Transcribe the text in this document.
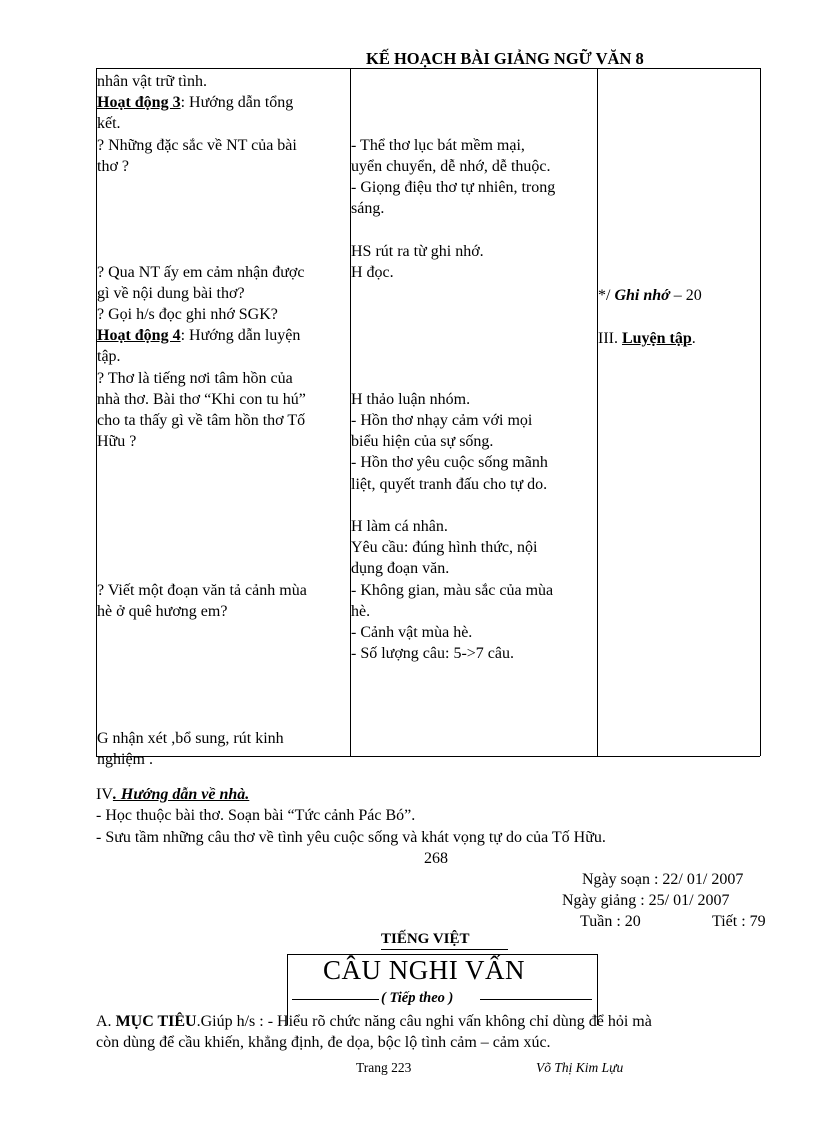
KẾ HOẠCH BÀI GIẢNG NGỮ VĂN 8
nhân vật trữ tình.
Hoạt động 3: Hướng dẫn tổng
kết.
? Những đặc sắc về NT của bài
thơ ?
? Qua NT ấy em cảm nhận được
gì về nội dung bài thơ?
? Gọi h/s đọc ghi nhớ SGK?
Hoạt động 4: Hướng dẫn luyện
tập.
? Thơ là tiếng nơi tâm hồn của
nhà thơ. Bài thơ “Khi con tu hú”
cho ta thấy gì về tâm hồn thơ Tố
Hữu ?
? Viết một đoạn văn tả cảnh mùa
hè ở quê hương em?
G nhận xét ,bổ sung, rút kinh
nghiệm .
- Thể thơ lục bát mềm mại,
uyển chuyển, dễ nhớ, dễ thuộc.
- Giọng điệu thơ tự nhiên, trong
sáng.
HS rút ra từ ghi nhớ.
H đọc.
H thảo luận nhóm.
- Hồn thơ nhạy cảm với mọi
biểu hiện của sự sống.
- Hồn thơ yêu cuộc sống mãnh
liệt, quyết tranh đấu cho tự do.
H làm cá nhân.
Yêu cầu: đúng hình thức, nội
dụng đoạn văn.
- Không gian, màu sắc của mùa
hè.
- Cảnh vật mùa hè.
- Số lượng câu: 5->7 câu.
*/ Ghi nhớ – 20
III. Luyện tập.
IV. Hướng dẫn về nhà.
- Học thuộc bài thơ. Soạn bài “Tức cảnh Pác Bó”.
- Sưu tầm những câu thơ về tình yêu cuộc sống và khát vọng tự do của Tố Hữu.
268
Ngày soạn : 22/ 01/ 2007
Ngày giảng : 25/ 01/ 2007
Tuần : 20	Tiết : 79
TIẾNG VIỆT
CÂU NGHI VẤN
( Tiếp theo )
A. MỤC TIÊU.Giúp h/s : - Hiểu rõ chức năng câu nghi vấn không chỉ dùng để hỏi mà
còn dùng để cầu khiến, khẳng định, đe dọa, bộc lộ tình cảm – cảm xúc.
Trang 223	Võ Thị Kim Lựu
